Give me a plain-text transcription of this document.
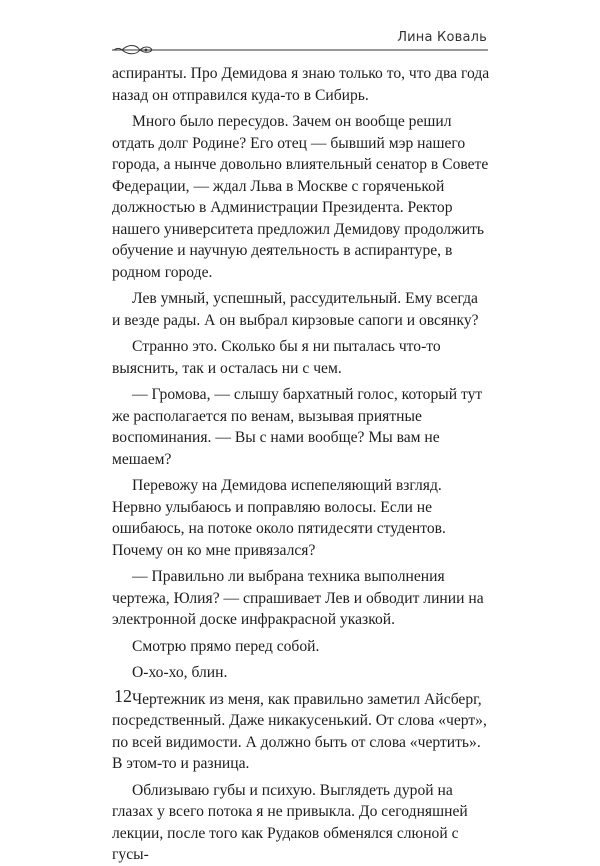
Лина Коваль

аспиранты. Про Демидова я знаю только то, что два года назад он отправился куда-то в Сибирь.

Много было пересудов. Зачем он вообще решил отдать долг Родине? Его отец — бывший мэр нашего города, а нынче довольно влиятельный сенатор в Совете Федерации, — ждал Льва в Москве с горяченькой должностью в Администрации Президента. Ректор нашего университета предложил Демидову продолжить обучение и научную деятельность в аспирантуре, в родном городе.

Лев умный, успешный, рассудительный. Ему всегда и везде рады. А он выбрал кирзовые сапоги и овсянку?

Странно это. Сколько бы я ни пыталась что-то выяснить, так и осталась ни с чем.

— Громова, — слышу бархатный голос, который тут же располагается по венам, вызывая приятные воспоминания. — Вы с нами вообще? Мы вам не мешаем?

Перевожу на Демидова испепеляющий взгляд. Нервно улыбаюсь и поправляю волосы. Если не ошибаюсь, на потоке около пятидесяти студентов. Почему он ко мне привязался?

— Правильно ли выбрана техника выполнения чертежа, Юлия? — спрашивает Лев и обводит линии на электронной доске инфракрасной указкой.

Смотрю прямо перед собой.

О-хо-хо, блин.

Чертежник из меня, как правильно заметил Айсберг, посредственный. Даже никакусенький. От слова «черт», по всей видимости. А должно быть от слова «чертить». В этом-то и разница.

Облизываю губы и психую. Выглядеть дурой на глазах у всего потока я не привыкла. До сегодняшней лекции, после того как Рудаков обменялся слюной с гусы-

12
